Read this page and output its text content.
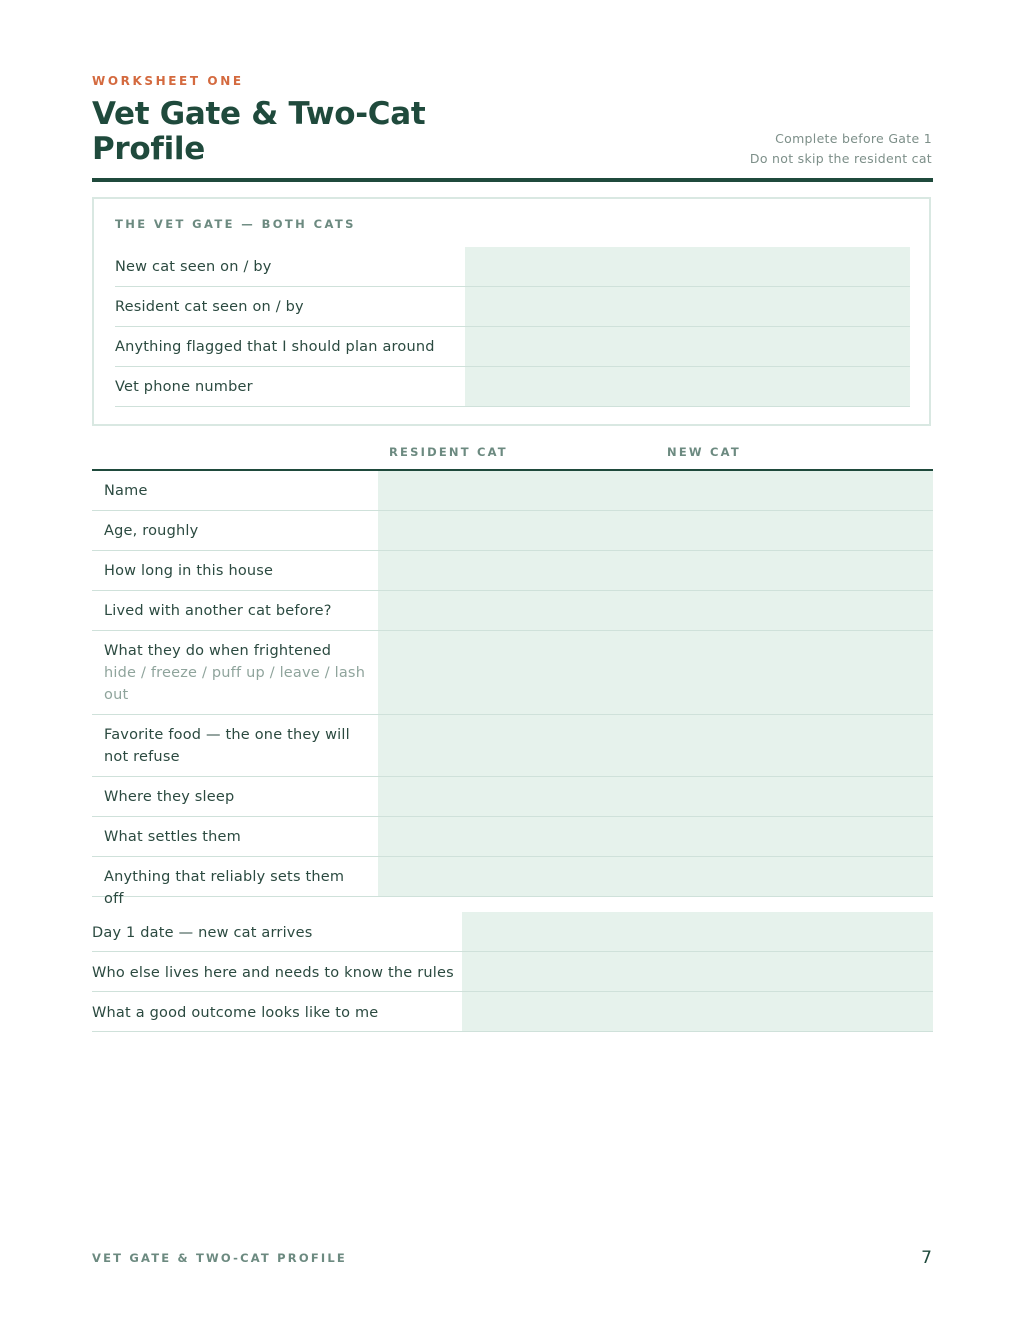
WORKSHEET ONE
Vet Gate & Two-Cat Profile	Complete before Gate 1
Do not skip the resident cat
THE VET GATE — BOTH CATS
New cat seen on / by
Resident cat seen on / by
Anything flagged that I should plan around
Vet phone number
RESIDENT CAT	NEW CAT
Name
Age, roughly
How long in this house
Lived with another cat before?
What they do when frightened
hide / freeze / puff up / leave / lash out
Favorite food — the one they will not refuse
Where they sleep
What settles them
Anything that reliably sets them off
Day 1 date — new cat arrives
Who else lives here and needs to know the rules
What a good outcome looks like to me
VET GATE & TWO-CAT PROFILE	7
